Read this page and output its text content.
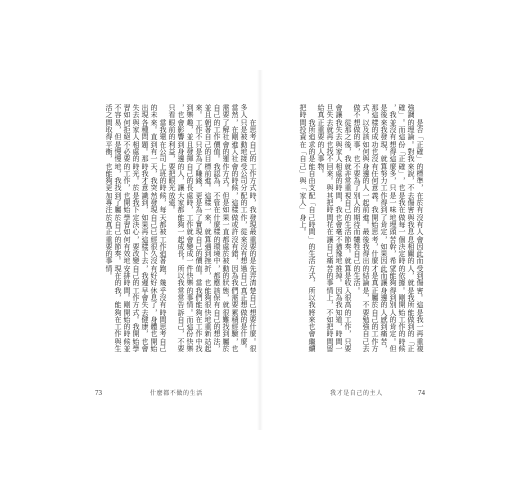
在
思
考
自
己
的
工
作
方
式
時
，
我
發
現
最
重
要
的
是
先
弄
清
楚
自
己
想
要
什
麼
。
很
多
人
只
是
被
動
地
接
受
公
司
分
配
的
工
作
，
從
來
沒
有
想
過
自
己
真
正
想
做
的
是
什
麼
。
當
然
，
在
剛
進
入
社
會
的
時
候
，
這
樣
做
或
許
沒
有
錯
，
因
為
我
們
需
要
累
積
經
驗
，
也
需
要
了
解
社
會
的
運
作
方
式
。
但
是
如
果
一
直
都
處
於
被
動
的
狀
態
，
就
很
難
找
到
屬
於
自
己
的
工
作
價
值
。
我
認
為
，
不
管
在
什
麼
樣
的
環
境
中
，
都
應
該
保
有
自
己
的
想
法
，
並
且
朝
著
自
己
的
目
標
前
進
。
這
樣
一
來
，
就
算
遇
到
挫
折
，
也
能
夠
很
快
地
重
新
站
起
來
。
工
作
不
只
是
為
了
賺
錢
，
更
是
為
了
實
現
自
己
的
價
值
。
當
我
們
能
夠
在
工
作
中
找
到
樂
趣
，
並
且
發
揮
自
己
的
長
處
時
，
工
作
就
會
變
成
一
件
快
樂
的
事
情
。
而
這
份
快
樂
，
也
會
影
響
到
身
邊
的
人
，
讓
大
家
都
能
夠
一
起
成
長
。
所
以
我
常
常
告
訴
自
己
，
不
要
只
看
眼
前
的
利
益
，
要
把
眼
光
放
遠
。

當
我
還
在
公
司
上
班
的
時
候
，
每
天
都
被
工
作
追
著
跑
，
幾
乎
沒
有
時
間
思
考
自
己
的
未
來
。
直
到
有
一
天
，
我
突
然
發
現
自
己
已
經
很
久
沒
有
好
好
休
息
了
，
身
體
也
開
始
出
現
各
種
問
題
。
那
時
我
才
意
識
到
，
如
果
再
這
樣
下
去
，
我
遲
早
會
失
去
健
康
，
也
會
失
去
與
家
人
相
處
的
時
光
。
於
是
我
下
定
決
心
，
要
改
變
自
己
的
工
作
方
式
。
我
開
始
學
習
如
何
拒
絕
不
必
要
的
工
作
，
也
開
始
學
習
如
何
有
效
地
安
排
時
間
。
剛
開
始
的
時
候
並
不
容
易
，
但
是
慢
慢
地
，
我
找
到
了
屬
於
自
己
的
節
奏
。
現
在
的
我
，
能
夠
在
工
作
與
生
活
之
間
取
得
平
衡
，
也
能
夠
更
加
專
注
於
真
正
重
要
的
事
情
。

73	什麼都不做的生活

是
否
「
正
確
」
的
標
準
，
在
於
有
沒
有
人
會
因
此
而
受
到
傷
害
。
這
是
我
一
再
重
複
強
調
的
理
論
。
對
我
來
說
，
不
去
傷
害
與
我
息
息
相
關
的
人
，
就
是
我
所
能
做
到
的
「
正
確
」
。
而
這
份
「
正
確
」
，
也
是
我
在
做
每
一
個
決
定
時
的
依
據
。
剛
開
始
工
作
的
時
候
，
我
並
沒
有
想
得
這
麼
多
，
只
是
一
味
地
埋
頭
苦
幹
，
希
望
能
夠
得
到
別
人
的
肯
定
。
但
是
後
來
我
發
現
，
就
算
努
力
工
作
得
到
了
肯
定
，
如
果
因
此
而
讓
身
邊
的
人
感
到
痛
苦
，
那
這
樣
的
成
功
也
沒
有
任
何
意
義
。
我
開
始
思
考
，
什
麼
才
是
真
正
屬
於
自
己
的
工
作
方
式
，
以
及
該
如
何
與
身
邊
的
人
一
起
前
進
。
最
後
我
得
出
的
結
論
是
，
不
要
勉
強
自
己
去
做
不
想
做
的
事
，
也
不
要
為
了
別
人
的
期
待
而
犧
牲
自
己
的
生
活
。

從
那
之
後
，
我
就
非
常
重
視
自
己
的
生
活
節
奏
。
就
算
是
收
入
很
高
的
工
作
，
只
要
會
讓
我
失
去
與
家
人
相
處
的
時
間
，
我
也
會
毫
不
猶
豫
地
推
掉
。
因
為
我
知
道
，
時
間
一
旦
失
去
就
再
也
找
不
回
來
。
與
其
把
時
間
花
在
讓
自
己
痛
苦
的
事
情
上
，
不
如
把
時
間
留
給
真
正
重
要
的
人
事
物
。

我
所
追
求
的
是
能
自
由
支
配
「
自
己
時
間
」
的
生
活
方
式
，
所
以
我
將
來
也
會
繼
續
把
時
間
投
資
在
「
自
己
」
與
「
家
人
」
身
上
。

我才是自己的主人	74
